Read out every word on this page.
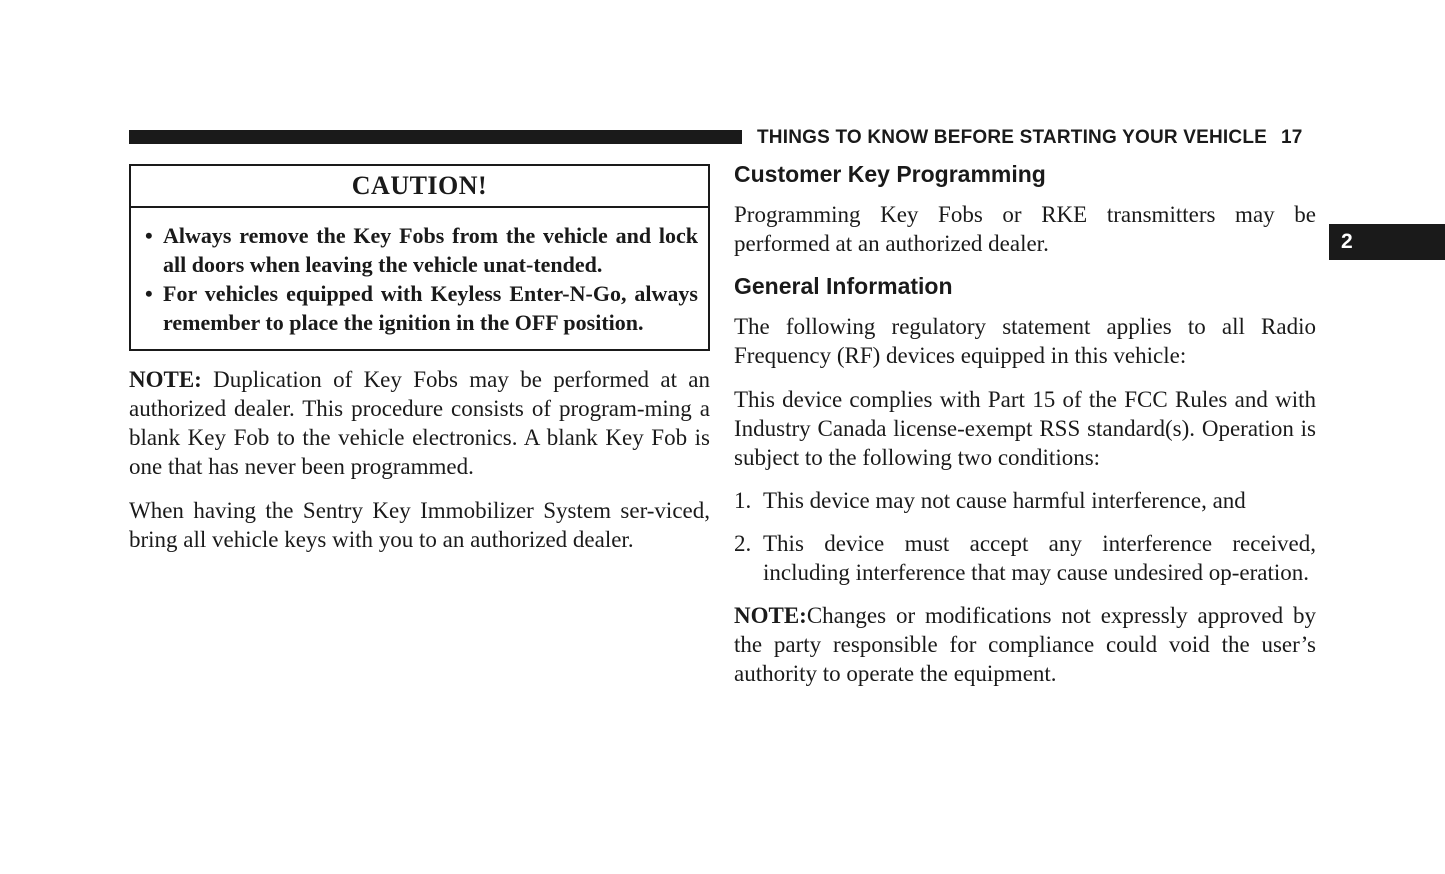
THINGS TO KNOW BEFORE STARTING YOUR VEHICLE 17
2
CAUTION!
• Always remove the Key Fobs from the vehicle and lock all doors when leaving the vehicle unat-tended.
• For vehicles equipped with Keyless Enter-N-Go, always remember to place the ignition in the OFF position.

NOTE: Duplication of Key Fobs may be performed at an authorized dealer. This procedure consists of program-ming a blank Key Fob to the vehicle electronics. A blank Key Fob is one that has never been programmed.

When having the Sentry Key Immobilizer System ser-viced, bring all vehicle keys with you to an authorized dealer.

Customer Key Programming

Programming Key Fobs or RKE transmitters may be performed at an authorized dealer.

General Information

The following regulatory statement applies to all Radio Frequency (RF) devices equipped in this vehicle:

This device complies with Part 15 of the FCC Rules and with Industry Canada license-exempt RSS standard(s). Operation is subject to the following two conditions:

1. This device may not cause harmful interference, and
2. This device must accept any interference received, including interference that may cause undesired op-eration.

NOTE:Changes or modifications not expressly approved by the party responsible for compliance could void the user’s authority to operate the equipment.
